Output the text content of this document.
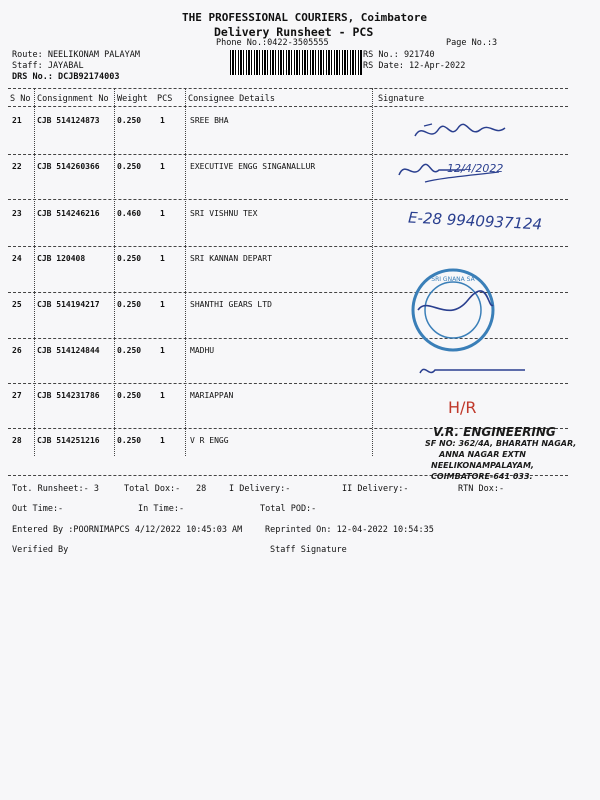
THE PROFESSIONAL COURIERS, Coimbatore
Delivery Runsheet - PCS
Phone No.:0422-3505555	Page No.:3
Route: NEELIKONAM PALAYAM
Staff: JAYABAL
DRS No.: DCJB92174003
RS No.: 921740
RS Date: 12-Apr-2022
S No Consignment No Weight PCS Consignee Details	Signature
21 CJB 514124873 0.250 1	SREE BHA
22 CJB 514260366 0.250 1	EXECUTIVE ENGG SINGANALLUR
23 CJB 514246216 0.460 1	SRI VISHNU TEX
24 CJB 120408	0.250 1	SRI KANNAN DEPART
25 CJB 514194217 0.250 1	SHANTHI GEARS LTD
26 CJB 514124844 0.250 1	MADHU
27 CJB 514231786 0.250 1	MARIAPPAN
28 CJB 514251216 0.250 1	V R ENGG
12/4/2022
E-28 9940937124
SRI GNANA SA
H/R
V.R. ENGINEERING
SF NO: 362/4A, BHARATH NAGAR,
ANNA NAGAR EXTN
NEELIKONAMPALAYAM,
COIMBATORE-641 033.
Tot. Runsheet:- 3	Total Dox:- 28	I Delivery:-	II Delivery:-	RTN Dox:-
Out Time:-	In Time:-	Total POD:-
Entered By :POORNIMAPCS 4/12/2022 10:45:03 AM	Reprinted On: 12-04-2022 10:54:35
Verified By	Staff Signature
